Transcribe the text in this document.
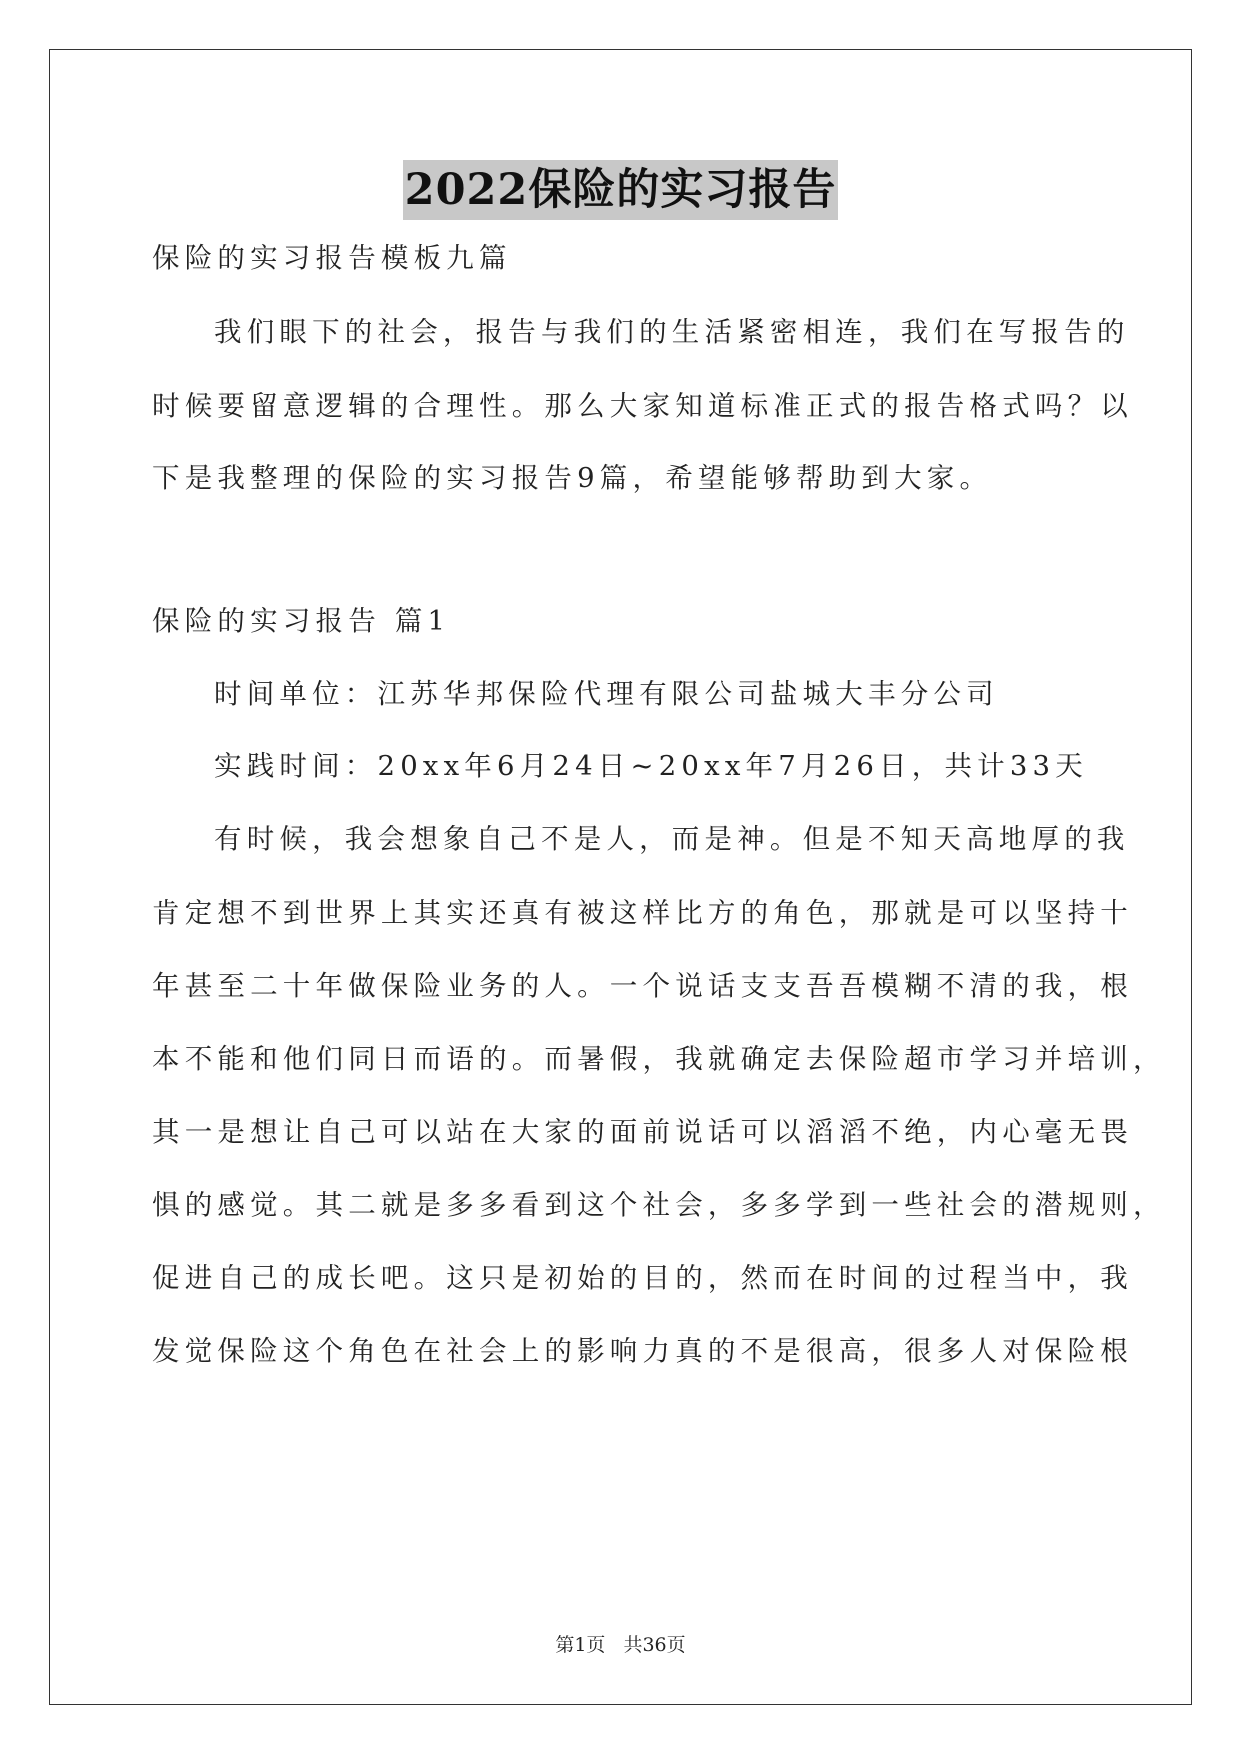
2022保险的实习报告
保险的实习报告模板九篇
我们眼下的社会，报告与我们的生活紧密相连，我们在写报告的
时候要留意逻辑的合理性。那么大家知道标准正式的报告格式吗？以
下是我整理的保险的实习报告9篇，希望能够帮助到大家。
保险的实习报告 篇1
时间单位：江苏华邦保险代理有限公司盐城大丰分公司
实践时间：20xx年6月24日~20xx年7月26日，共计33天
有时候，我会想象自己不是人，而是神。但是不知天高地厚的我
肯定想不到世界上其实还真有被这样比方的角色，那就是可以坚持十
年甚至二十年做保险业务的人。一个说话支支吾吾模糊不清的我，根
本不能和他们同日而语的。而暑假，我就确定去保险超市学习并培训，
其一是想让自己可以站在大家的面前说话可以滔滔不绝，内心毫无畏
惧的感觉。其二就是多多看到这个社会，多多学到一些社会的潜规则，
促进自己的成长吧。这只是初始的目的，然而在时间的过程当中，我
发觉保险这个角色在社会上的影响力真的不是很高，很多人对保险根
第1页 共36页
